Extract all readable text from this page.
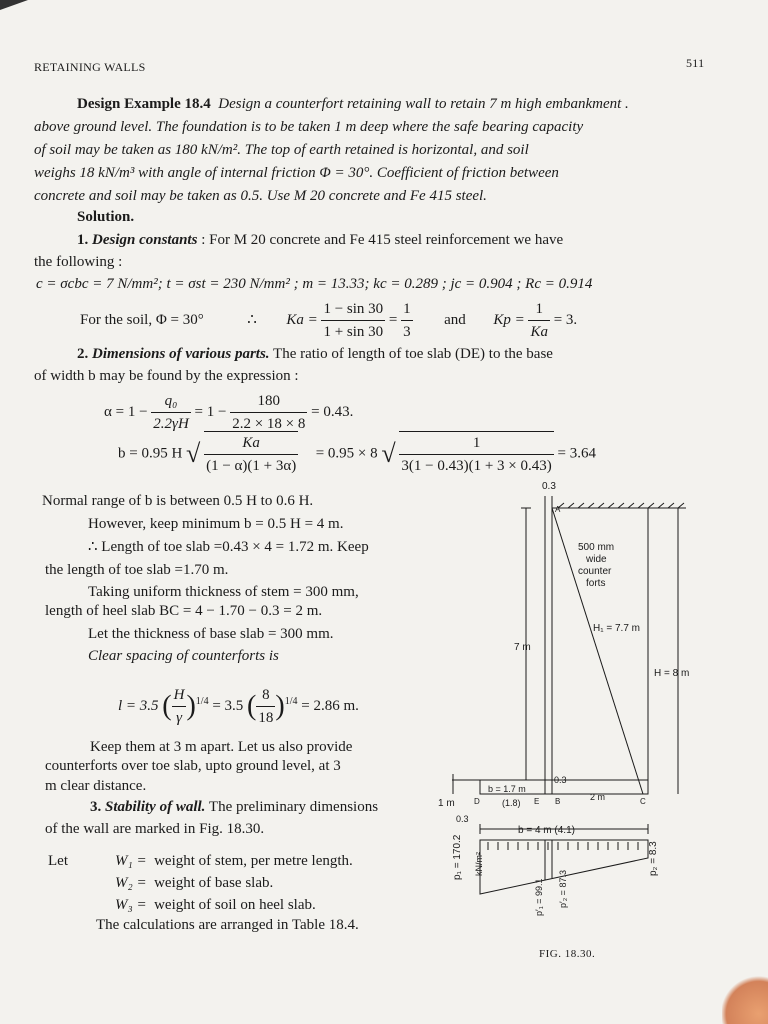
RETAINING WALLS	511
Design Example 18.4 Design a counterfort retaining wall to retain 7 m high embankment .
above ground level. The foundation is to be taken 1 m deep where the safe bearing capacity
of soil may be taken as 180 kN/m². The top of earth retained is horizontal, and soil
weighs 18 kN/m³ with angle of internal friction Φ = 30°. Coefficient of friction between
concrete and soil may be taken as 0.5. Use M 20 concrete and Fe 415 steel.
Solution.
1. Design constants : For M 20 concrete and Fe 415 steel reinforcement we have
the following :
c = σcbc = 7 N/mm²; t = σst = 230 N/mm² ; m = 13.33; kc = 0.289 ; jc = 0.904 ; Rc = 0.914
For the soil, Φ = 30°	∴ $Ka = \frac{1 - \sin 30}{1 + \sin 30} = \frac{1}{3}$ and $Kp = \frac{1}{Ka} = 3$.
2. Dimensions of various parts. The ratio of length of toe slab (DE) to the base
of width b may be found by the expression :
$\alpha = 1 - \frac{\text{q₀}}{2.2\gamma H} = 1 - \frac{180}{2.2 \times 18 \times 8} = 0.43$.
b = 0.95 H √ $\frac{Ka}{(1 - \alpha)(1 + 3\alpha)} = 0.95 \times 8$ √ $\frac{1}{3(1 - 0.43)(1 + 3 \times 0.43)} = 3.64$
Normal range of b is between 0.5 H to 0.6 H.
However, keep minimum b = 0.5 H = 4 m.
∴ Length of toe slab =0.43 × 4 = 1.72 m. Keep
the length of toe slab =1.70 m.
Taking uniform thickness of stem = 300 mm,
length of heel slab BC = 4 − 1.70 − 0.3 = 2 m.
Let the thickness of base slab = 300 mm.
Clear spacing of counterforts is
l = 3.5 ( $\frac{H}{\gamma} )^{1/4} = 3.5$ ( $\frac{8}{18} )^{1/4} = 2.86$ m.
Keep them at 3 m apart. Let us also provide
counterforts over toe slab, upto ground level, at 3
m clear distance.
3. Stability of wall. The preliminary dimensions
of the wall are marked in Fig. 18.30.
Let	W₁ = weight of stem, per metre length.
W₂ = weight of base slab.
W₃ = weight of soil on heel slab.
The calculations are arranged in Table 18.4.
0.3
A
500 mm
wide
counter
forts
H₁ = 7.7 m
H = 8 m
7 m
1 m
b = 1.7 m
(1.8)
2 m
0.3
0.3
D	E B	C
b = 4 m (4.1)
p₁ = 170.2 kN/m²
p′₁ = 99.1 p′₂ = 87.3
p₂ = 8.3
FIG. 18.30.
